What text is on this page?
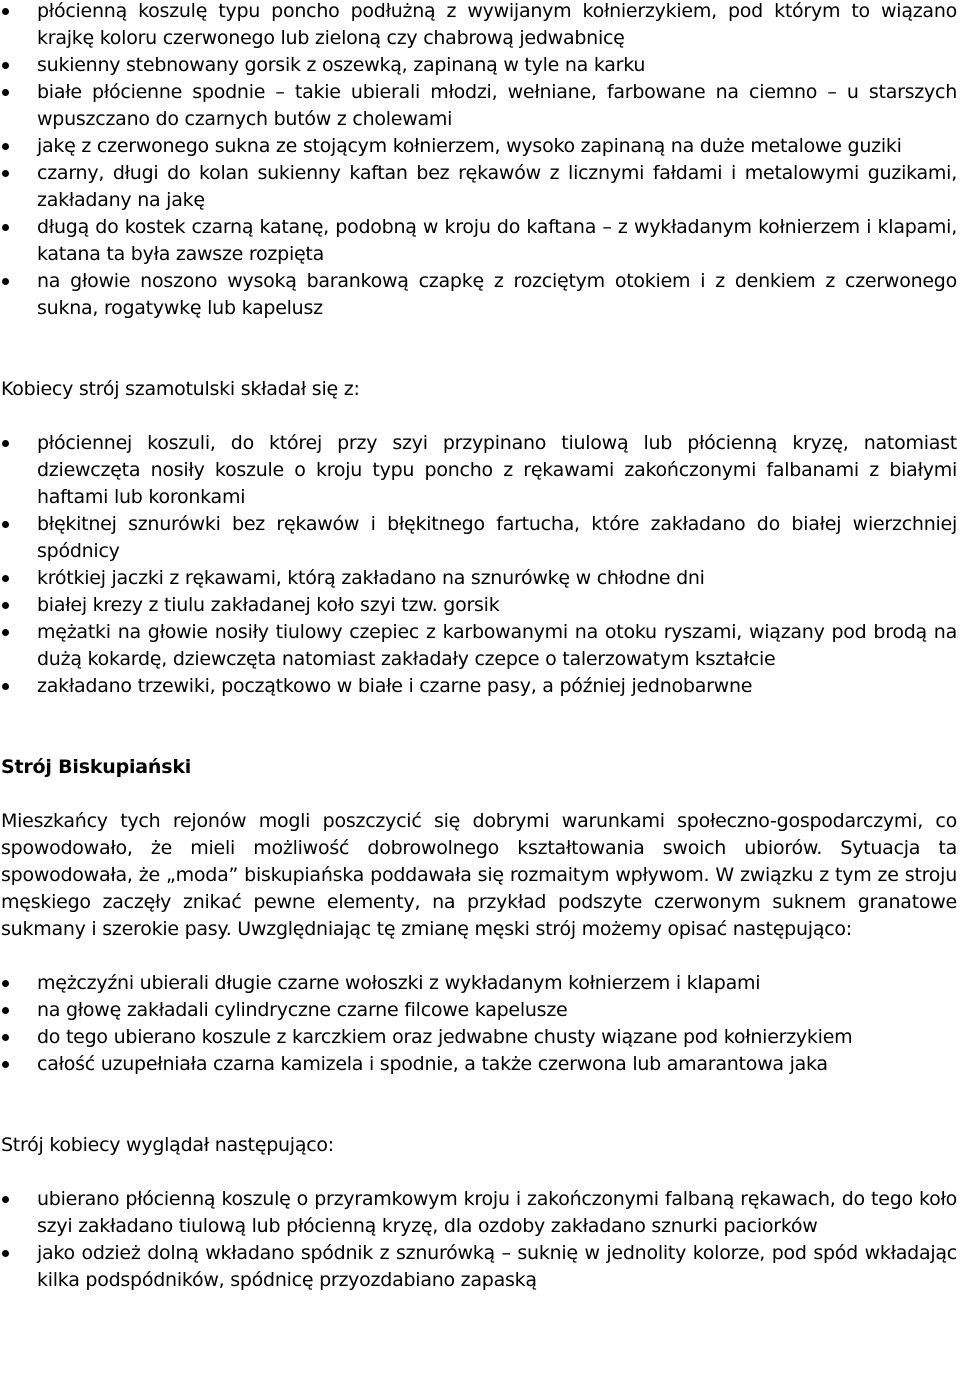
płócienną koszulę typu poncho podłużną z wywijanym kołnierzykiem, pod którym to wiązano krajkę koloru czerwonego lub zieloną czy chabrową jedwabnicę
sukienny stebnowany gorsik z oszewką, zapinaną w tyle na karku
białe płócienne spodnie – takie ubierali młodzi, wełniane, farbowane na ciemno – u starszych wpuszczano do czarnych butów z cholewami
jakę z czerwonego sukna ze stojącym kołnierzem, wysoko zapinaną na duże metalowe guziki
czarny, długi do kolan sukienny kaftan bez rękawów z licznymi fałdami i metalowymi guzikami, zakładany na jakę
długą do kostek czarną katanę, podobną w kroju do kaftana – z wykładanym kołnierzem i klapami, katana ta była zawsze rozpięta
na głowie noszono wysoką barankową czapkę z rozciętym otokiem i z denkiem z czerwonego sukna, rogatywkę lub kapelusz

Kobiecy strój szamotulski składał się z:

płóciennej koszuli, do której przy szyi przypinano tiulową lub płócienną kryzę, natomiast dziewczęta nosiły koszule o kroju typu poncho z rękawami zakończonymi falbanami z białymi haftami lub koronkami
błękitnej sznurówki bez rękawów i błękitnego fartucha, które zakładano do białej wierzchniej spódnicy
krótkiej jaczki z rękawami, którą zakładano na sznurówkę w chłodne dni
białej krezy z tiulu zakładanej koło szyi tzw. gorsik
mężatki na głowie nosiły tiulowy czepiec z karbowanymi na otoku ryszami, wiązany pod brodą na dużą kokardę, dziewczęta natomiast zakładały czepce o talerzowatym kształcie
zakładano trzewiki, początkowo w białe i czarne pasy, a później jednobarwne

Strój Biskupiański

Mieszkańcy tych rejonów mogli poszczycić się dobrymi warunkami społeczno-gospodarczymi, co spowodowało, że mieli możliwość dobrowolnego kształtowania swoich ubiorów. Sytuacja ta spowodowała, że „moda” biskupiańska poddawała się rozmaitym wpływom. W związku z tym ze stroju męskiego zaczęły znikać pewne elementy, na przykład podszyte czerwonym suknem granatowe sukmany i szerokie pasy. Uwzględniając tę zmianę męski strój możemy opisać następująco:

mężczyźni ubierali długie czarne wołoszki z wykładanym kołnierzem i klapami
na głowę zakładali cylindryczne czarne filcowe kapelusze
do tego ubierano koszule z karczkiem oraz jedwabne chusty wiązane pod kołnierzykiem
całość uzupełniała czarna kamizela i spodnie, a także czerwona lub amarantowa jaka

Strój kobiecy wyglądał następująco:

ubierano płócienną koszulę o przyramkowym kroju i zakończonymi falbaną rękawach, do tego koło szyi zakładano tiulową lub płócienną kryzę, dla ozdoby zakładano sznurki paciorków
jako odzież dolną wkładano spódnik z sznurówką – suknię w jednolity kolorze, pod spód wkładając kilka podspódników, spódnicę przyozdabiano zapaską
